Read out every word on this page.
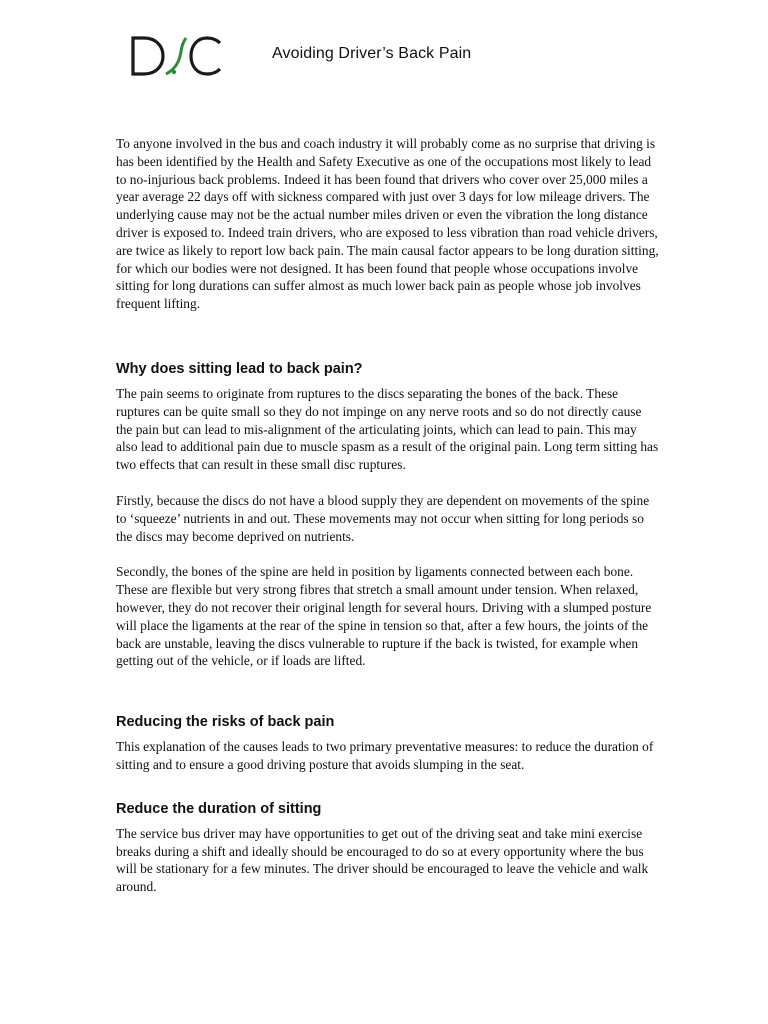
Avoiding Driver’s Back Pain

To anyone involved in the bus and coach industry it will probably come as no surprise that driving is has been identified by the Health and Safety Executive as one of the occupations most likely to lead to no-injurious back problems. Indeed it has been found that drivers who cover over 25,000 miles a year average 22 days off with sickness compared with just over 3 days for low mileage drivers. The underlying cause may not be the actual number miles driven or even the vibration the long distance driver is exposed to. Indeed train drivers, who are exposed to less vibration than road vehicle drivers, are twice as likely to report low back pain. The main causal factor appears to be long duration sitting, for which our bodies were not designed. It has been found that people whose occupations involve sitting for long durations can suffer almost as much lower back pain as people whose job involves frequent lifting.

Why does sitting lead to back pain?

The pain seems to originate from ruptures to the discs separating the bones of the back. These ruptures can be quite small so they do not impinge on any nerve roots and so do not directly cause the pain but can lead to mis-alignment of the articulating joints, which can lead to pain. This may also lead to additional pain due to muscle spasm as a result of the original pain. Long term sitting has two effects that can result in these small disc ruptures.

Firstly, because the discs do not have a blood supply they are dependent on movements of the spine to ‘squeeze’ nutrients in and out. These movements may not occur when sitting for long periods so the discs may become deprived on nutrients.

Secondly, the bones of the spine are held in position by ligaments connected between each bone. These are flexible but very strong fibres that stretch a small amount under tension. When relaxed, however, they do not recover their original length for several hours. Driving with a slumped posture will place the ligaments at the rear of the spine in tension so that, after a few hours, the joints of the back are unstable, leaving the discs vulnerable to rupture if the back is twisted, for example when getting out of the vehicle, or if loads are lifted.

Reducing the risks of back pain

This explanation of the causes leads to two primary preventative measures: to reduce the duration of sitting and to ensure a good driving posture that avoids slumping in the seat.

Reduce the duration of sitting

The service bus driver may have opportunities to get out of the driving seat and take mini exercise breaks during a shift and ideally should be encouraged to do so at every opportunity where the bus will be stationary for a few minutes. The driver should be encouraged to leave the vehicle and walk around.
